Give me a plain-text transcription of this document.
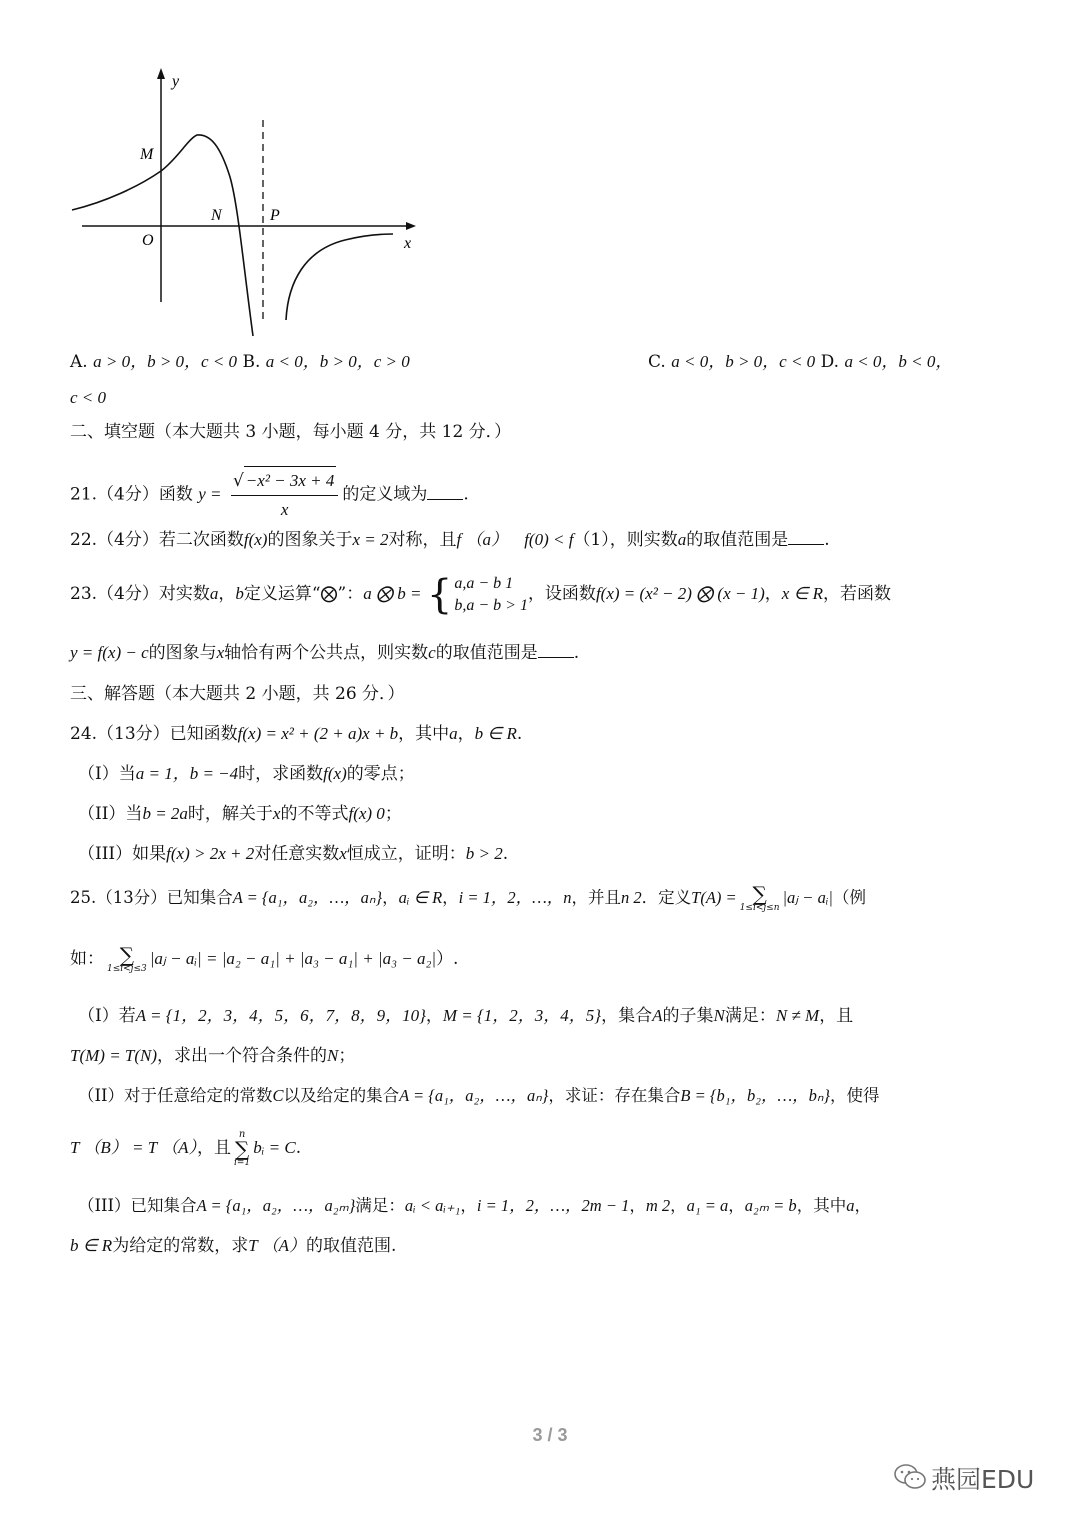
y
x
O
M
N	P
A. a > 0，b > 0，c < 0 B. a < 0，b > 0，c > 0	C. a < 0，b > 0，c < 0 D. a < 0，b < 0，
c < 0
二、填空题（本大题共 3 小题，每小题 4 分，共 12 分．）
21.（4分）函数 $y = \frac{\text{√ −x² − 3x + 4}}{x}$ 的定义域为 .
22.（4分）若二次函数f(x)的图象关于x = 2对称，且f （a） f(0) < f（1），则实数a的取值范围是 .
23.（4分）对实数a，b定义运算“⨂”：a ⨂ b = { a,a − b 1
b,a − b > 1
，设函数f(x) = (x² − 2) ⨂ (x − 1)，x ∈ R，若函数
y = f(x) − c的图象与x轴恰有两个公共点，则实数c的取值范围是 .
三、解答题（本大题共 2 小题，共 26 分．）
24.（13分）已知函数f(x) = x² + (2 + a)x + b，其中a，b ∈ R.
（I）当a = 1，b = −4时，求函数f(x)的零点；
（II）当b = 2a时，解关于x的不等式f(x) 0；
（III）如果f(x) > 2x + 2对任意实数x恒成立，证明：b > 2.
25.（13分）已知集合A = {a₁，a₂，…，aₙ}，aᵢ ∈ R，i = 1，2，…，n，并且n 2．定义T(A) = ∑
1≤i<j≤n
|aⱼ − aᵢ|（例
如： ∑
1≤i<j≤3
|aⱼ − aᵢ| = |a₂ − a₁| + |a₃ − a₁| + |a₃ − a₂|）.
（I）若A = {1，2，3，4，5，6，7，8，9，10}，M = {1，2，3，4，5}，集合A的子集N满足：N ≠ M，且
T(M) = T(N)，求出一个符合条件的N；
（II）对于任意给定的常数C以及给定的集合A = {a₁，a₂，…，aₙ}，求证：存在集合B = {b₁，b₂，…，bₙ}，使得
T （B） = T （A），且
n
∑
i=1
bᵢ = C.
（III）已知集合A = {a₁，a₂，…，a₂ₘ}满足：aᵢ < aᵢ₊₁，i = 1，2，…，2m − 1，m 2，a₁ = a，a₂ₘ = b，其中a，
b ∈ R为给定的常数，求T （A）的取值范围.
3 / 3
燕园EDU
